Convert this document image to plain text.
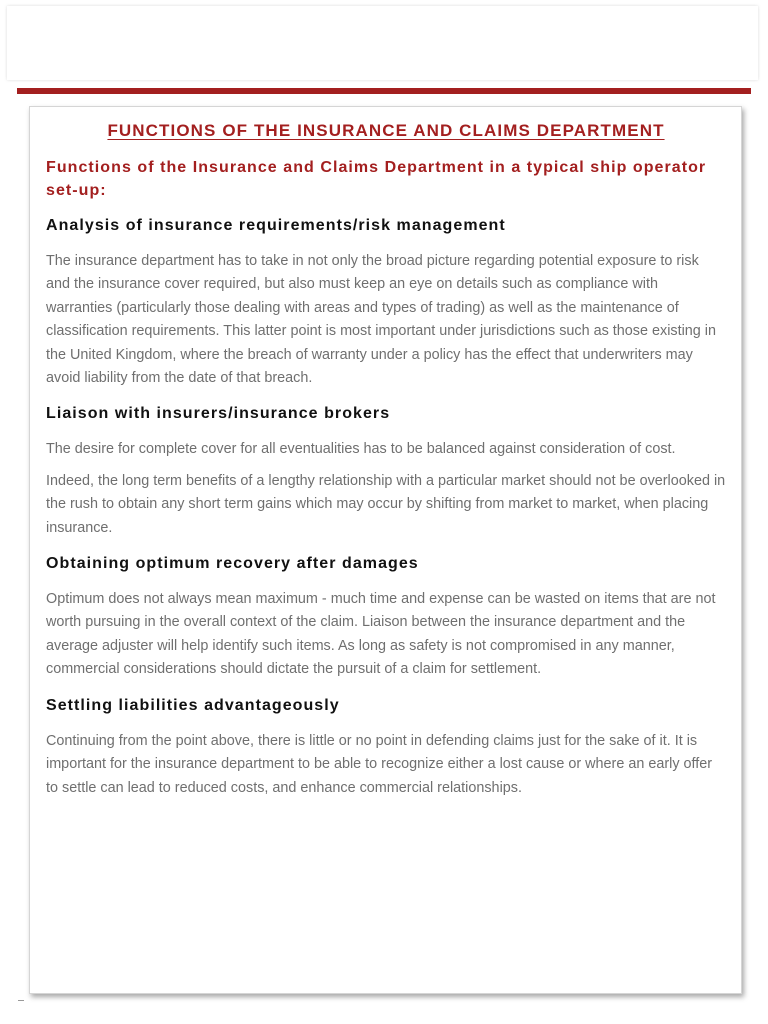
FUNCTIONS OF THE INSURANCE AND CLAIMS DEPARTMENT
Functions of the Insurance and Claims Department in a typical ship operator set-up:
Analysis of insurance requirements/risk management
The insurance department has to take in not only the broad picture regarding potential exposure to risk and the insurance cover required, but also must keep an eye on details such as compliance with warranties (particularly those dealing with areas and types of trading) as well as the maintenance of classification requirements. This latter point is most important under jurisdictions such as those existing in the United Kingdom, where the breach of warranty under a policy has the effect that underwriters may avoid liability from the date of that breach.
Liaison with insurers/insurance brokers
The desire for complete cover for all eventualities has to be balanced against consideration of cost.
Indeed, the long term benefits of a lengthy relationship with a particular market should not be overlooked in the rush to obtain any short term gains which may occur by shifting from market to market, when placing insurance.
Obtaining optimum recovery after damages
Optimum does not always mean maximum - much time and expense can be wasted on items that are not worth pursuing in the overall context of the claim. Liaison between the insurance department and the average adjuster will help identify such items. As long as safety is not compromised in any manner, commercial considerations should dictate the pursuit of a claim for settlement.
Settling liabilities advantageously
Continuing from the point above, there is little or no point in defending claims just for the sake of it. It is important for the insurance department to be able to recognize either a lost cause or where an early offer to settle can lead to reduced costs, and enhance commercial relationships.
